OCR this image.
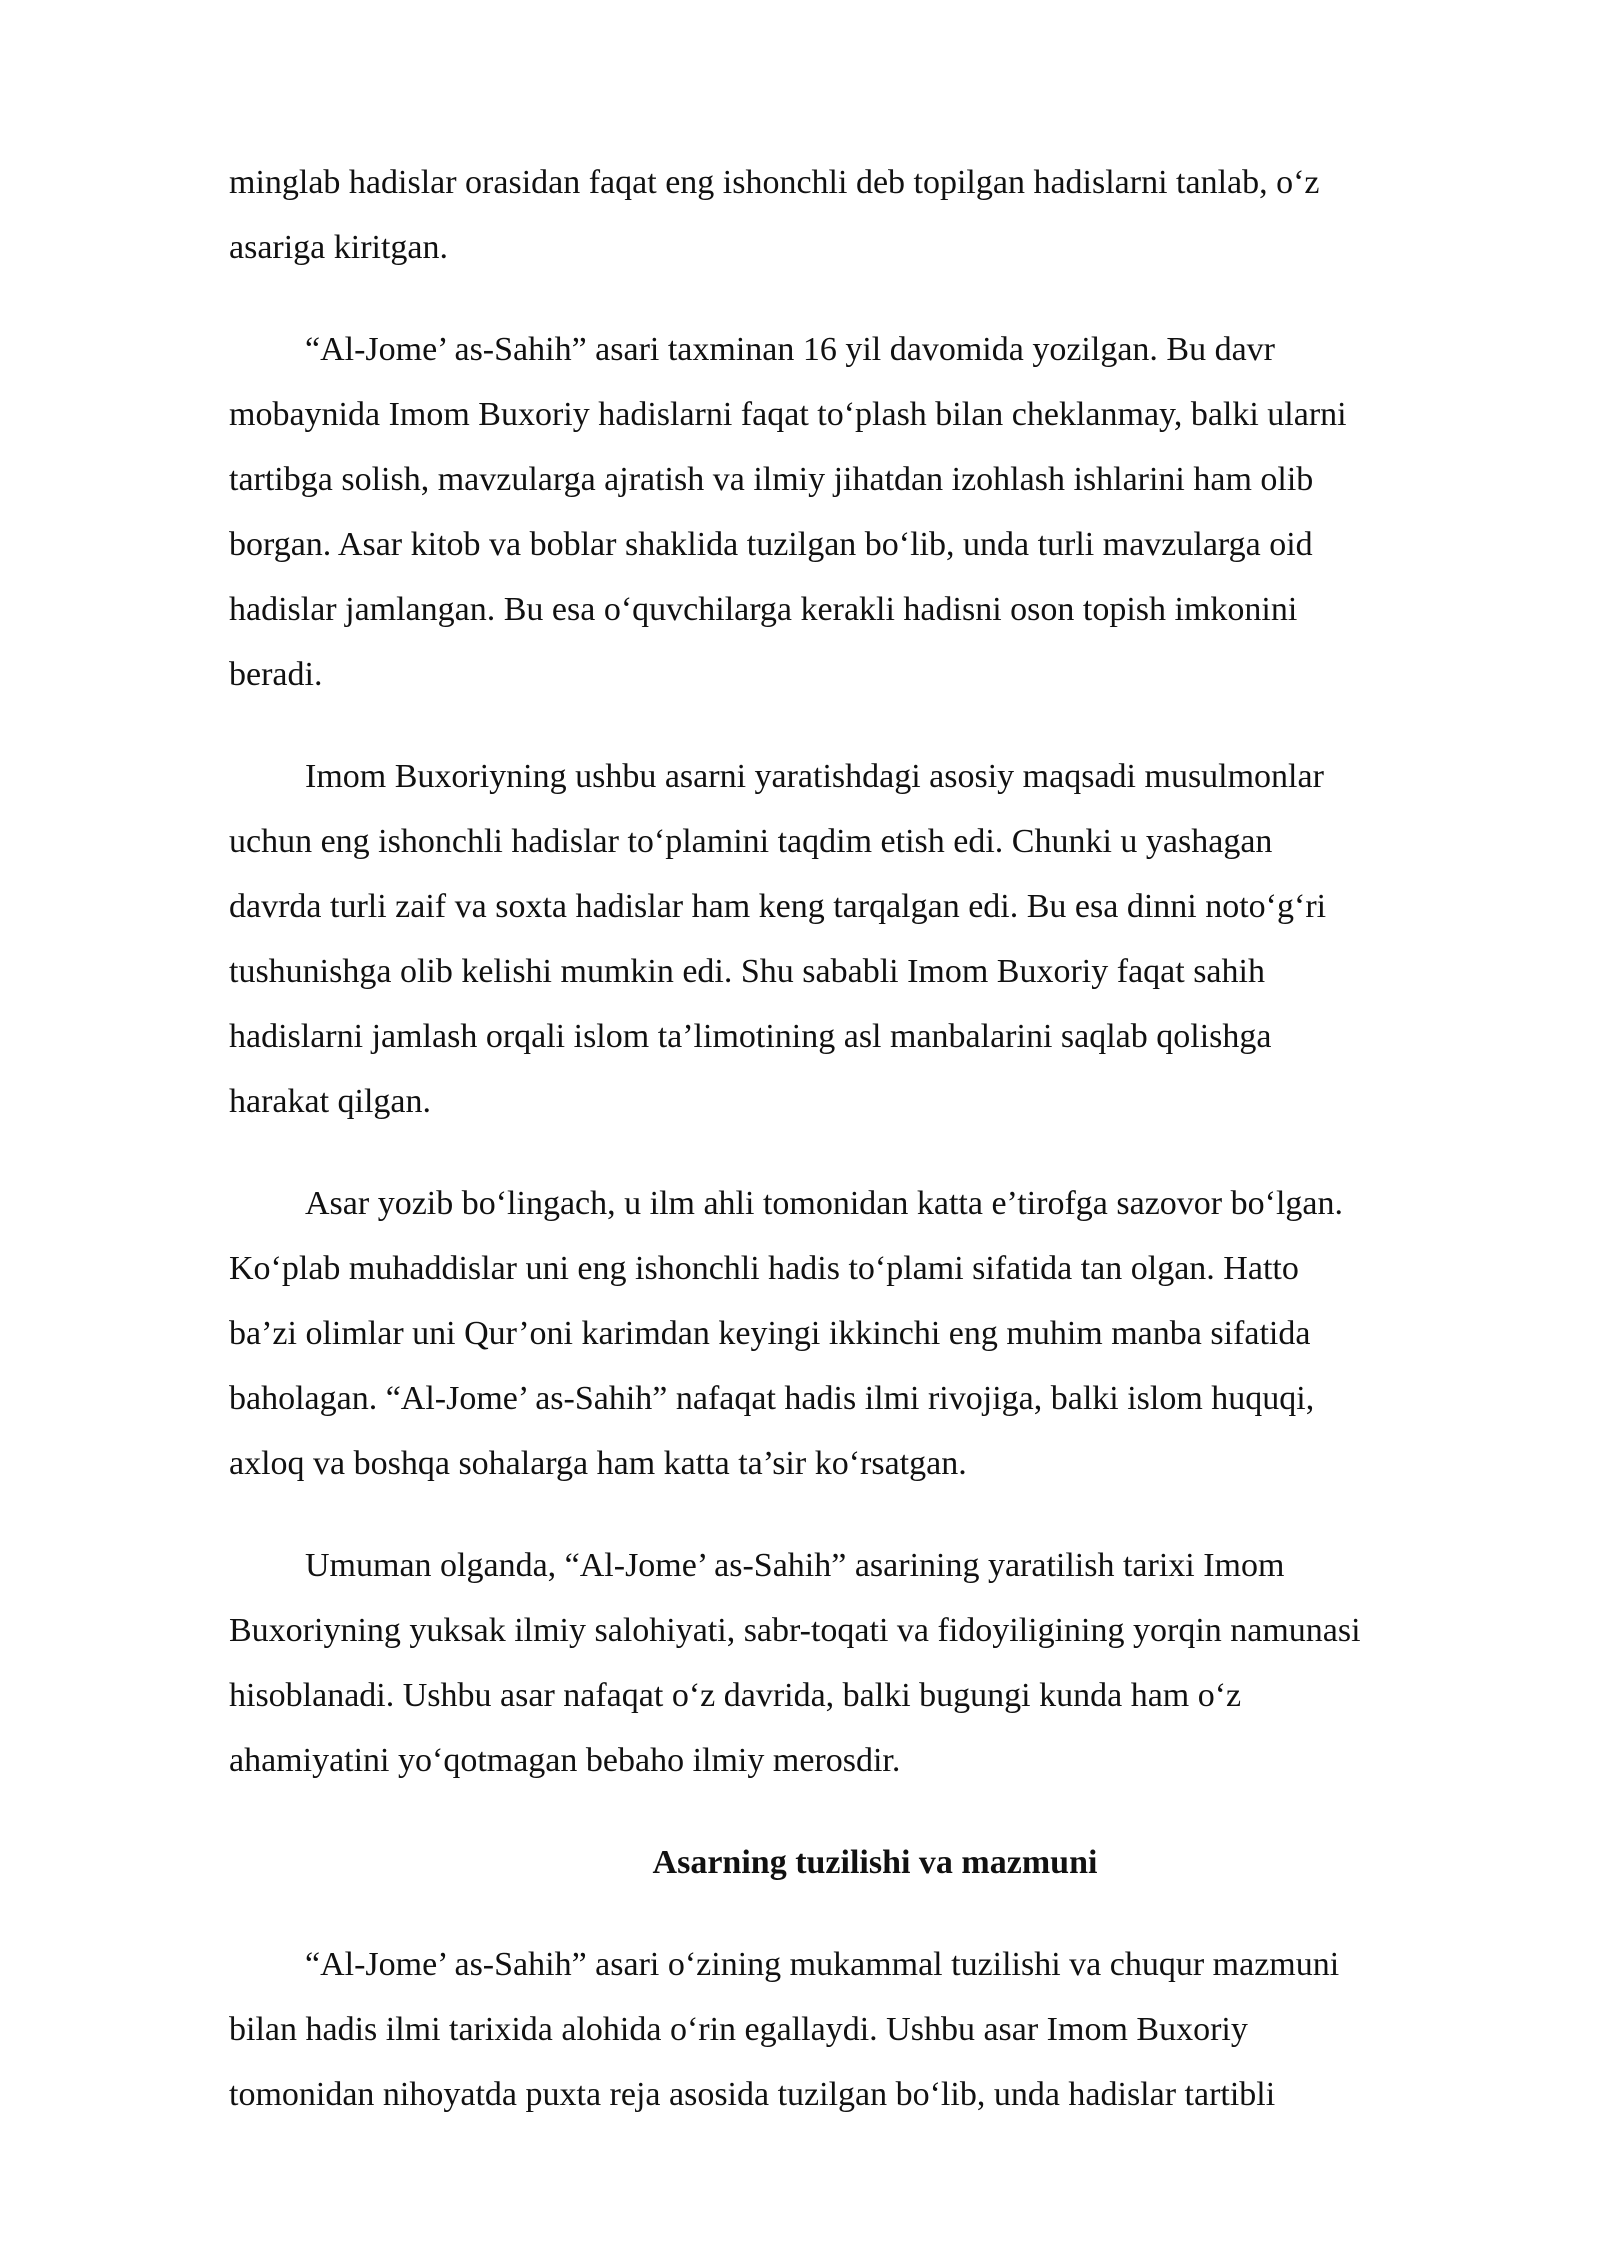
minglab hadislar orasidan faqat eng ishonchli deb topilgan hadislarni tanlab, o‘z
asariga kiritgan.

“Al-Jome’ as-Sahih” asari taxminan 16 yil davomida yozilgan. Bu davr
mobaynida Imom Buxoriy hadislarni faqat to‘plash bilan cheklanmay, balki ularni
tartibga solish, mavzularga ajratish va ilmiy jihatdan izohlash ishlarini ham olib
borgan. Asar kitob va boblar shaklida tuzilgan bo‘lib, unda turli mavzularga oid
hadislar jamlangan. Bu esa o‘quvchilarga kerakli hadisni oson topish imkonini
beradi.

Imom Buxoriyning ushbu asarni yaratishdagi asosiy maqsadi musulmonlar
uchun eng ishonchli hadislar to‘plamini taqdim etish edi. Chunki u yashagan
davrda turli zaif va soxta hadislar ham keng tarqalgan edi. Bu esa dinni noto‘g‘ri
tushunishga olib kelishi mumkin edi. Shu sababli Imom Buxoriy faqat sahih
hadislarni jamlash orqali islom ta’limotining asl manbalarini saqlab qolishga
harakat qilgan.

Asar yozib bo‘lingach, u ilm ahli tomonidan katta e’tirofga sazovor bo‘lgan.
Ko‘plab muhaddislar uni eng ishonchli hadis to‘plami sifatida tan olgan. Hatto
ba’zi olimlar uni Qur’oni karimdan keyingi ikkinchi eng muhim manba sifatida
baholagan. “Al-Jome’ as-Sahih” nafaqat hadis ilmi rivojiga, balki islom huquqi,
axloq va boshqa sohalarga ham katta ta’sir ko‘rsatgan.

Umuman olganda, “Al-Jome’ as-Sahih” asarining yaratilish tarixi Imom
Buxoriyning yuksak ilmiy salohiyati, sabr-toqati va fidoyiligining yorqin namunasi
hisoblanadi. Ushbu asar nafaqat o‘z davrida, balki bugungi kunda ham o‘z
ahamiyatini yo‘qotmagan bebaho ilmiy merosdir.

Asarning tuzilishi va mazmuni

“Al-Jome’ as-Sahih” asari o‘zining mukammal tuzilishi va chuqur mazmuni
bilan hadis ilmi tarixida alohida o‘rin egallaydi. Ushbu asar Imom Buxoriy
tomonidan nihoyatda puxta reja asosida tuzilgan bo‘lib, unda hadislar tartibli
